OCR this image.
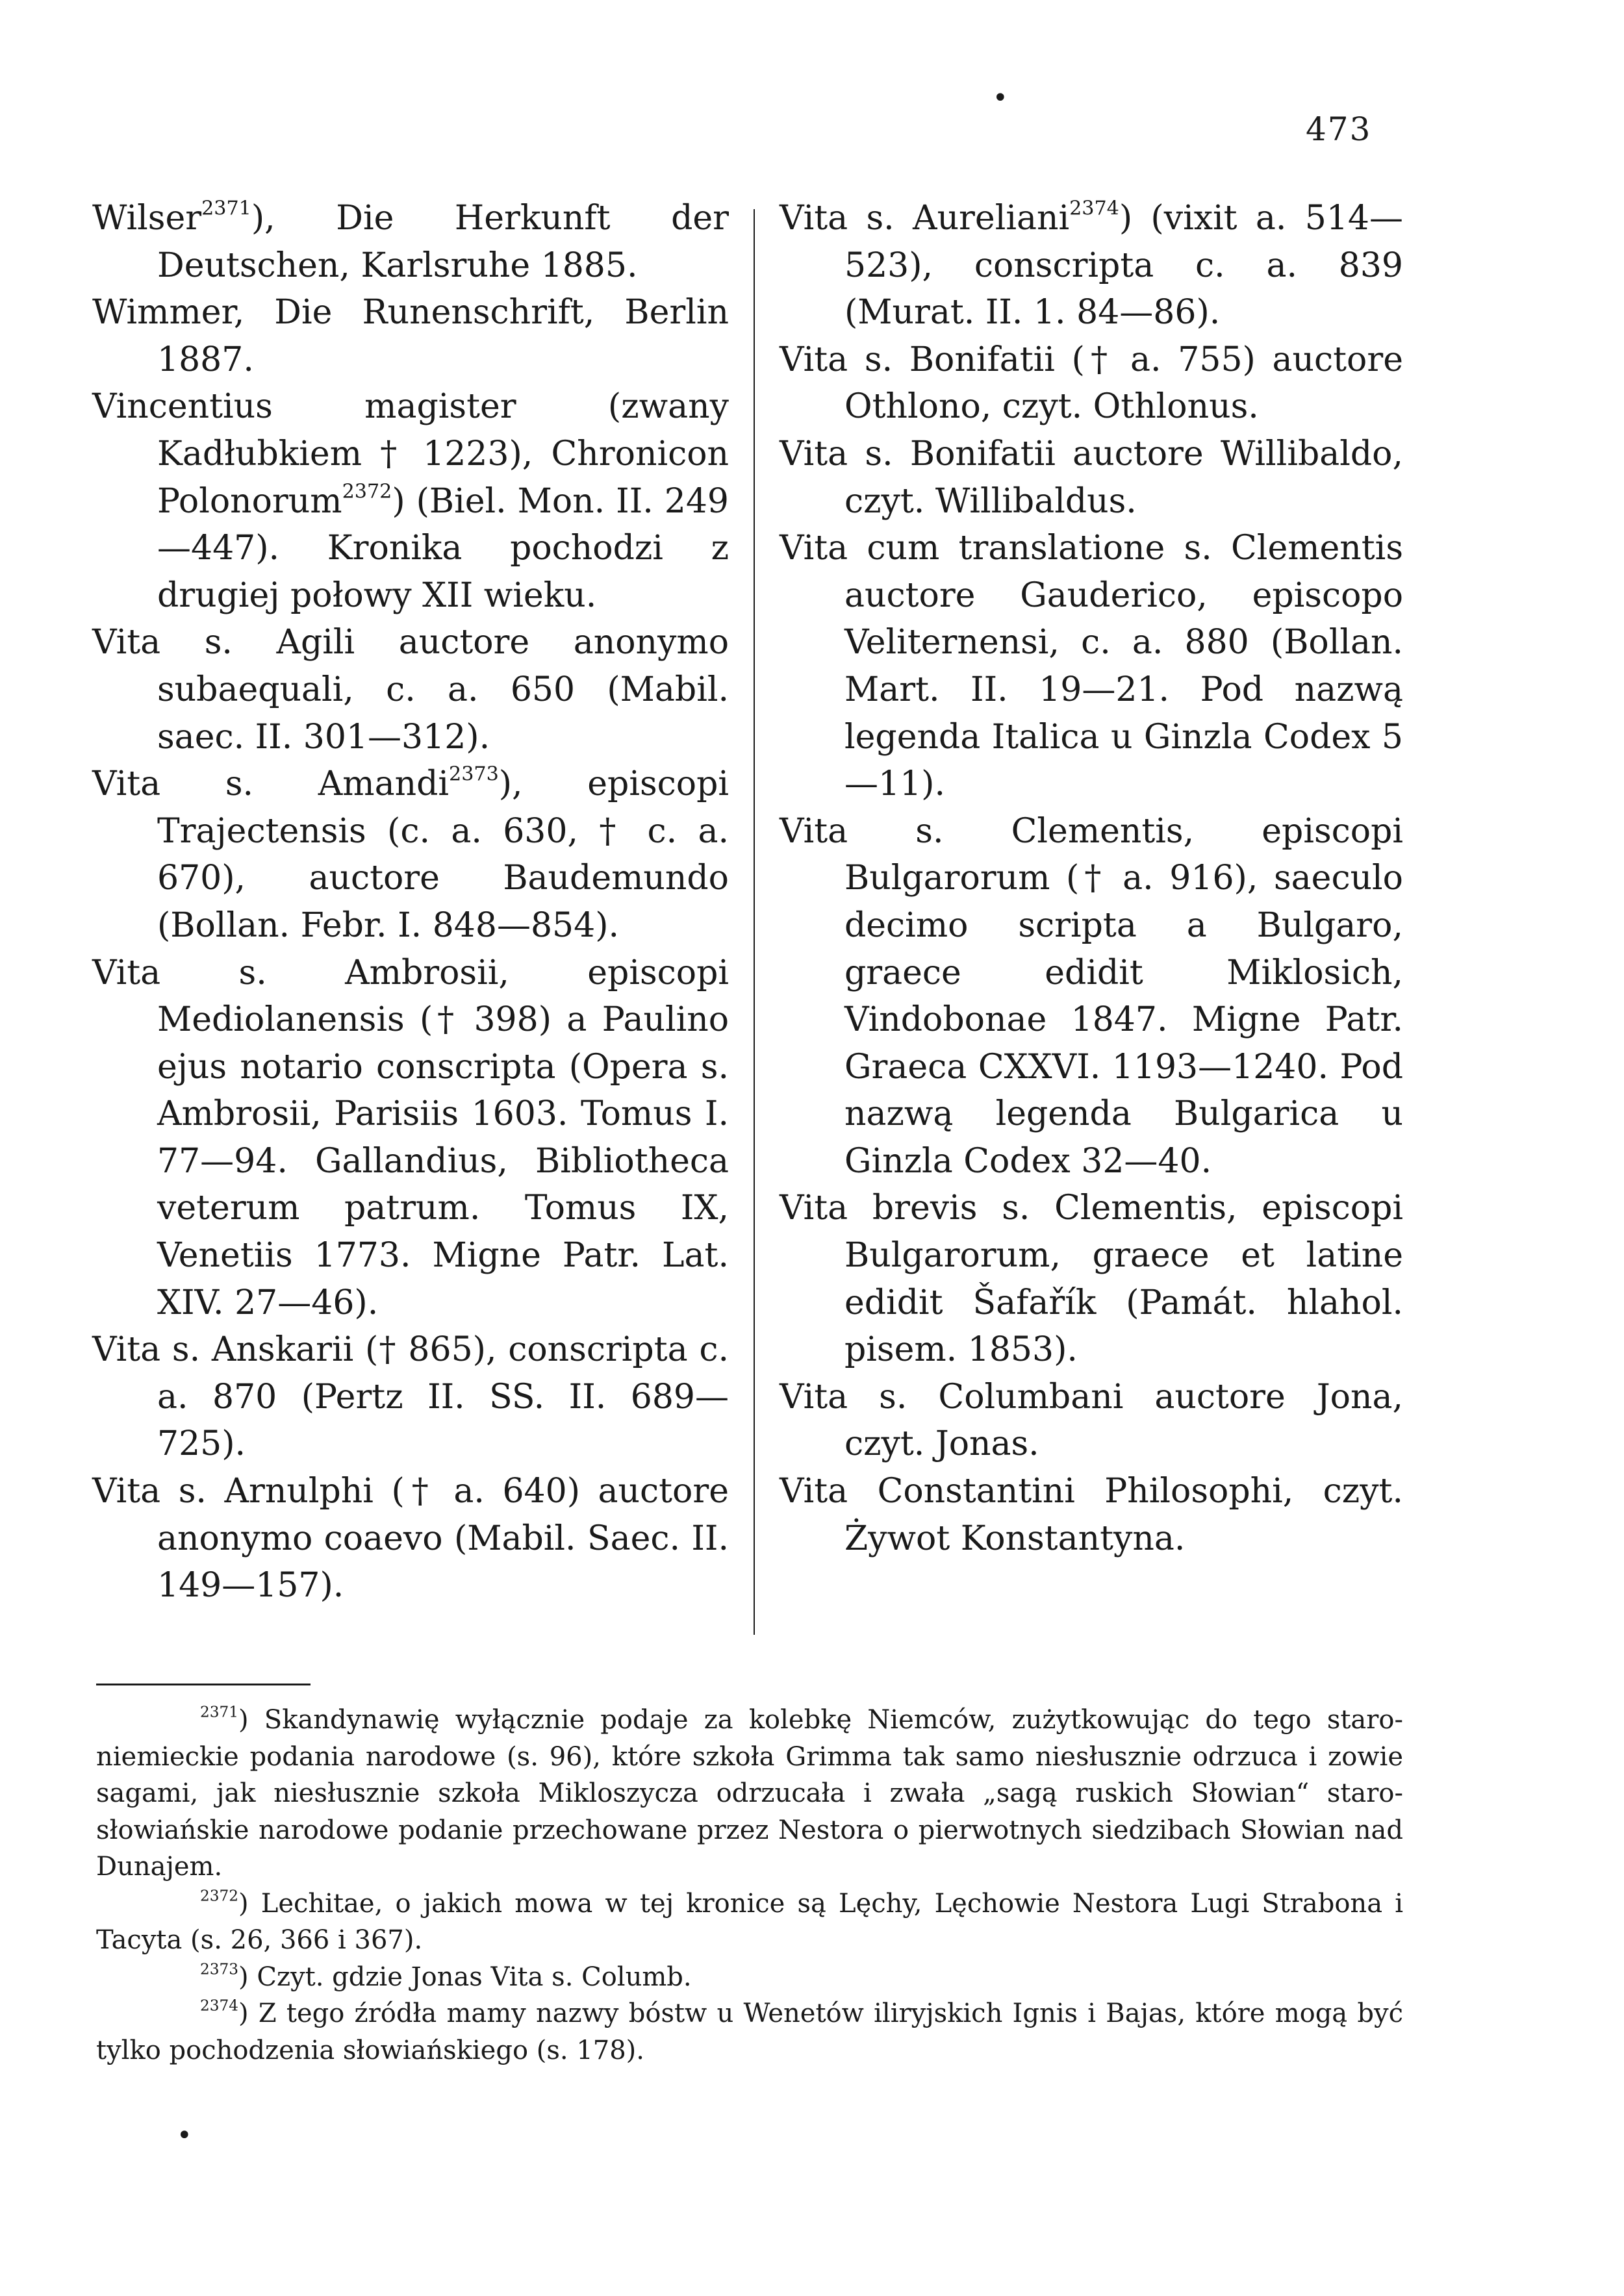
•
473

Wilser$^{2371}$), Die Herkunft der Deutschen, Karlsruhe 1885.

Wimmer, Die Runenschrift, Berlin 1887.

Vincentius magister (zwany Kadłubkiem † 1223), Chronicon Polonorum$^{2372}$) (Biel. Mon. II. 249—447). Kronika pochodzi z drugiej połowy XII wieku.

Vita s. Agili auctore anonymo subaequali, c. a. 650 (Mabil. saec. II. 301—312).

Vita s. Amandi$^{2373}$), episcopi Trajectensis (c. a. 630, † c. a. 670), auctore Baudemundo (Bollan. Febr. I. 848—854).

Vita s. Ambrosii, episcopi Mediolanensis († 398) a Paulino ejus notario conscripta (Opera s. Ambrosii, Parisiis 1603. Tomus I. 77—94. Gallandius, Bibliotheca veterum patrum. Tomus IX, Venetiis 1773. Migne Patr. Lat. XIV. 27—46).

Vita s. Anskarii († 865), conscripta c. a. 870 (Pertz II. SS. II. 689—725).

Vita s. Arnulphi († a. 640) auctore anonymo coaevo (Mabil. Saec. II. 149—157).

Vita s. Aureliani$^{2374}$) (vixit a. 514—523), conscripta c. a. 839 (Murat. II. 1. 84—86).

Vita s. Bonifatii († a. 755) auctore Othlono, czyt. Othlonus.

Vita s. Bonifatii auctore Willibaldo, czyt. Willibaldus.

Vita cum translatione s. Clementis auctore Gauderico, episcopo Veliternensi, c. a. 880 (Bollan. Mart. II. 19—21. Pod nazwą legenda Italica u Ginzla Codex 5—11).

Vita s. Clementis, episcopi Bulgarorum († a. 916), saeculo decimo scripta a Bulgaro, graece edidit Miklosich, Vindobonae 1847. Migne Patr. Graeca CXXVI. 1193—1240. Pod nazwą legenda Bulgarica u Ginzla Codex 32—40.

Vita brevis s. Clementis, episcopi Bulgarorum, graece et latine edidit Šafařík (Památ. hlahol. pisem. 1853).

Vita s. Columbani auctore Jona, czyt. Jonas.

Vita Constantini Philosophi, czyt. Żywot Konstantyna.

$^{2371}$) Skandynawię wyłącznie podaje za kolebkę Niemców, zużytkowując do tego staro-niemieckie podania narodowe (s. 96), które szkoła Grimma tak samo niesłusznie odrzuca i zowie sagami, jak niesłusznie szkoła Mikloszycza odrzucała i zwała „sagą ruskich Słowian“ staro-słowiańskie narodowe podanie przechowane przez Nestora o pierwotnych siedzibach Słowian nad Dunajem.

$^{2372}$) Lechitae, o jakich mowa w tej kronice są Lęchy, Lęchowie Nestora Lugi Strabona i Tacyta (s. 26, 366 i 367).

$^{2373}$) Czyt. gdzie Jonas Vita s. Columb.

$^{2374}$) Z tego źródła mamy nazwy bóstw u Wenetów iliryjskich Ignis i Bajas, które mogą być tylko pochodzenia słowiańskiego (s. 178).

•
